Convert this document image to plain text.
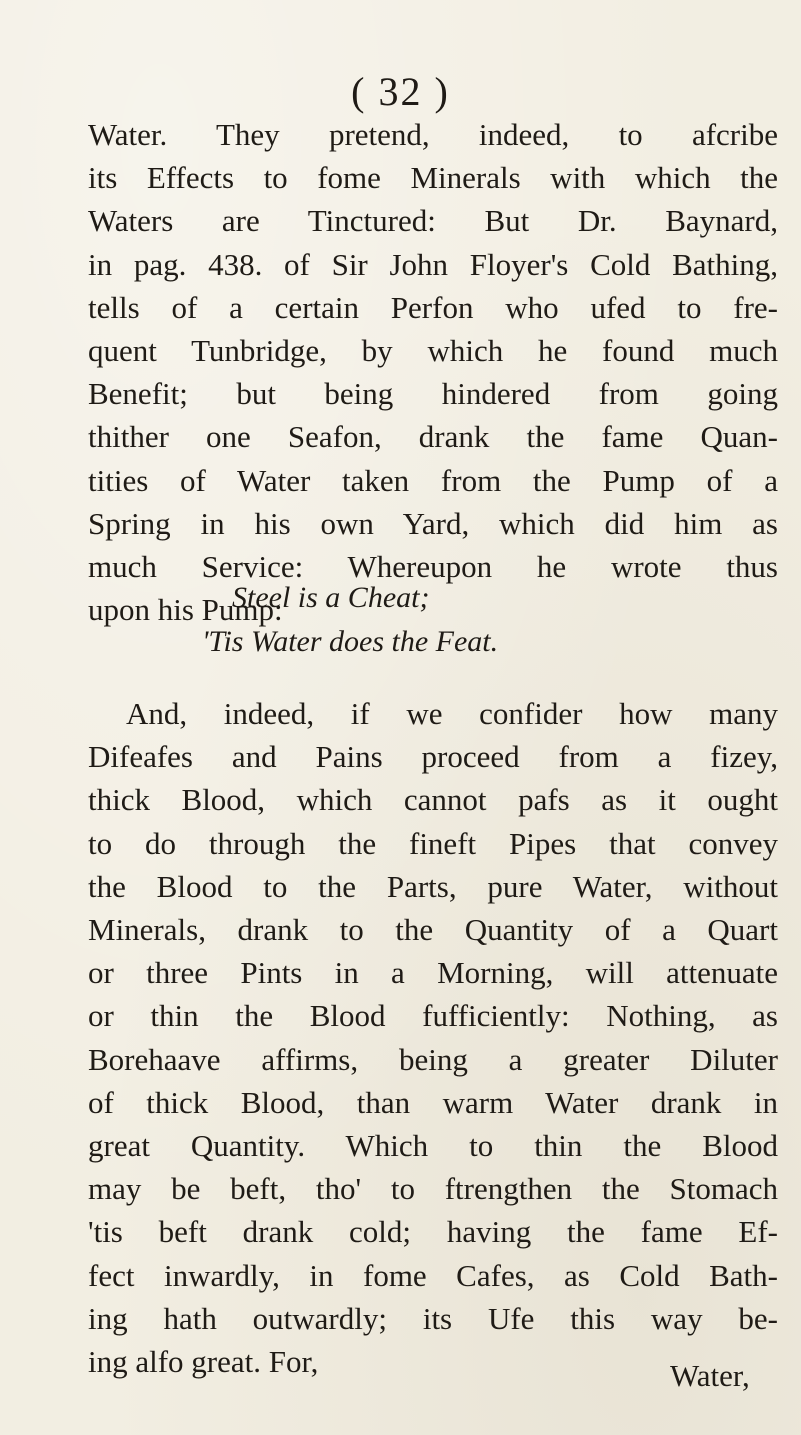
( 32 )
Water. They pretend, indeed, to afcribe
its Effects to fome Minerals with which the
Waters are Tinctured: But Dr. Baynard,
in pag. 438. of Sir John Floyer's Cold Bathing,
tells of a certain Perfon who ufed to fre-
quent Tunbridge, by which he found much
Benefit; but being hindered from going
thither one Seafon, drank the fame Quan-
tities of Water taken from the Pump of a
Spring in his own Yard, which did him as
much Service: Whereupon he wrote thus
upon his Pump:
Steel is a Cheat;
'Tis Water does the Feat.
And, indeed, if we confider how many
Difeafes and Pains proceed from a fizey,
thick Blood, which cannot pafs as it ought
to do through the fineft Pipes that convey
the Blood to the Parts, pure Water, without
Minerals, drank to the Quantity of a Quart
or three Pints in a Morning, will attenuate
or thin the Blood fufficiently: Nothing, as
Borehaave affirms, being a greater Diluter
of thick Blood, than warm Water drank in
great Quantity. Which to thin the Blood
may be beft, tho' to ftrengthen the Stomach
'tis beft drank cold; having the fame Ef-
fect inwardly, in fome Cafes, as Cold Bath-
ing hath outwardly; its Ufe this way be-
ing alfo great. For,	Water,
